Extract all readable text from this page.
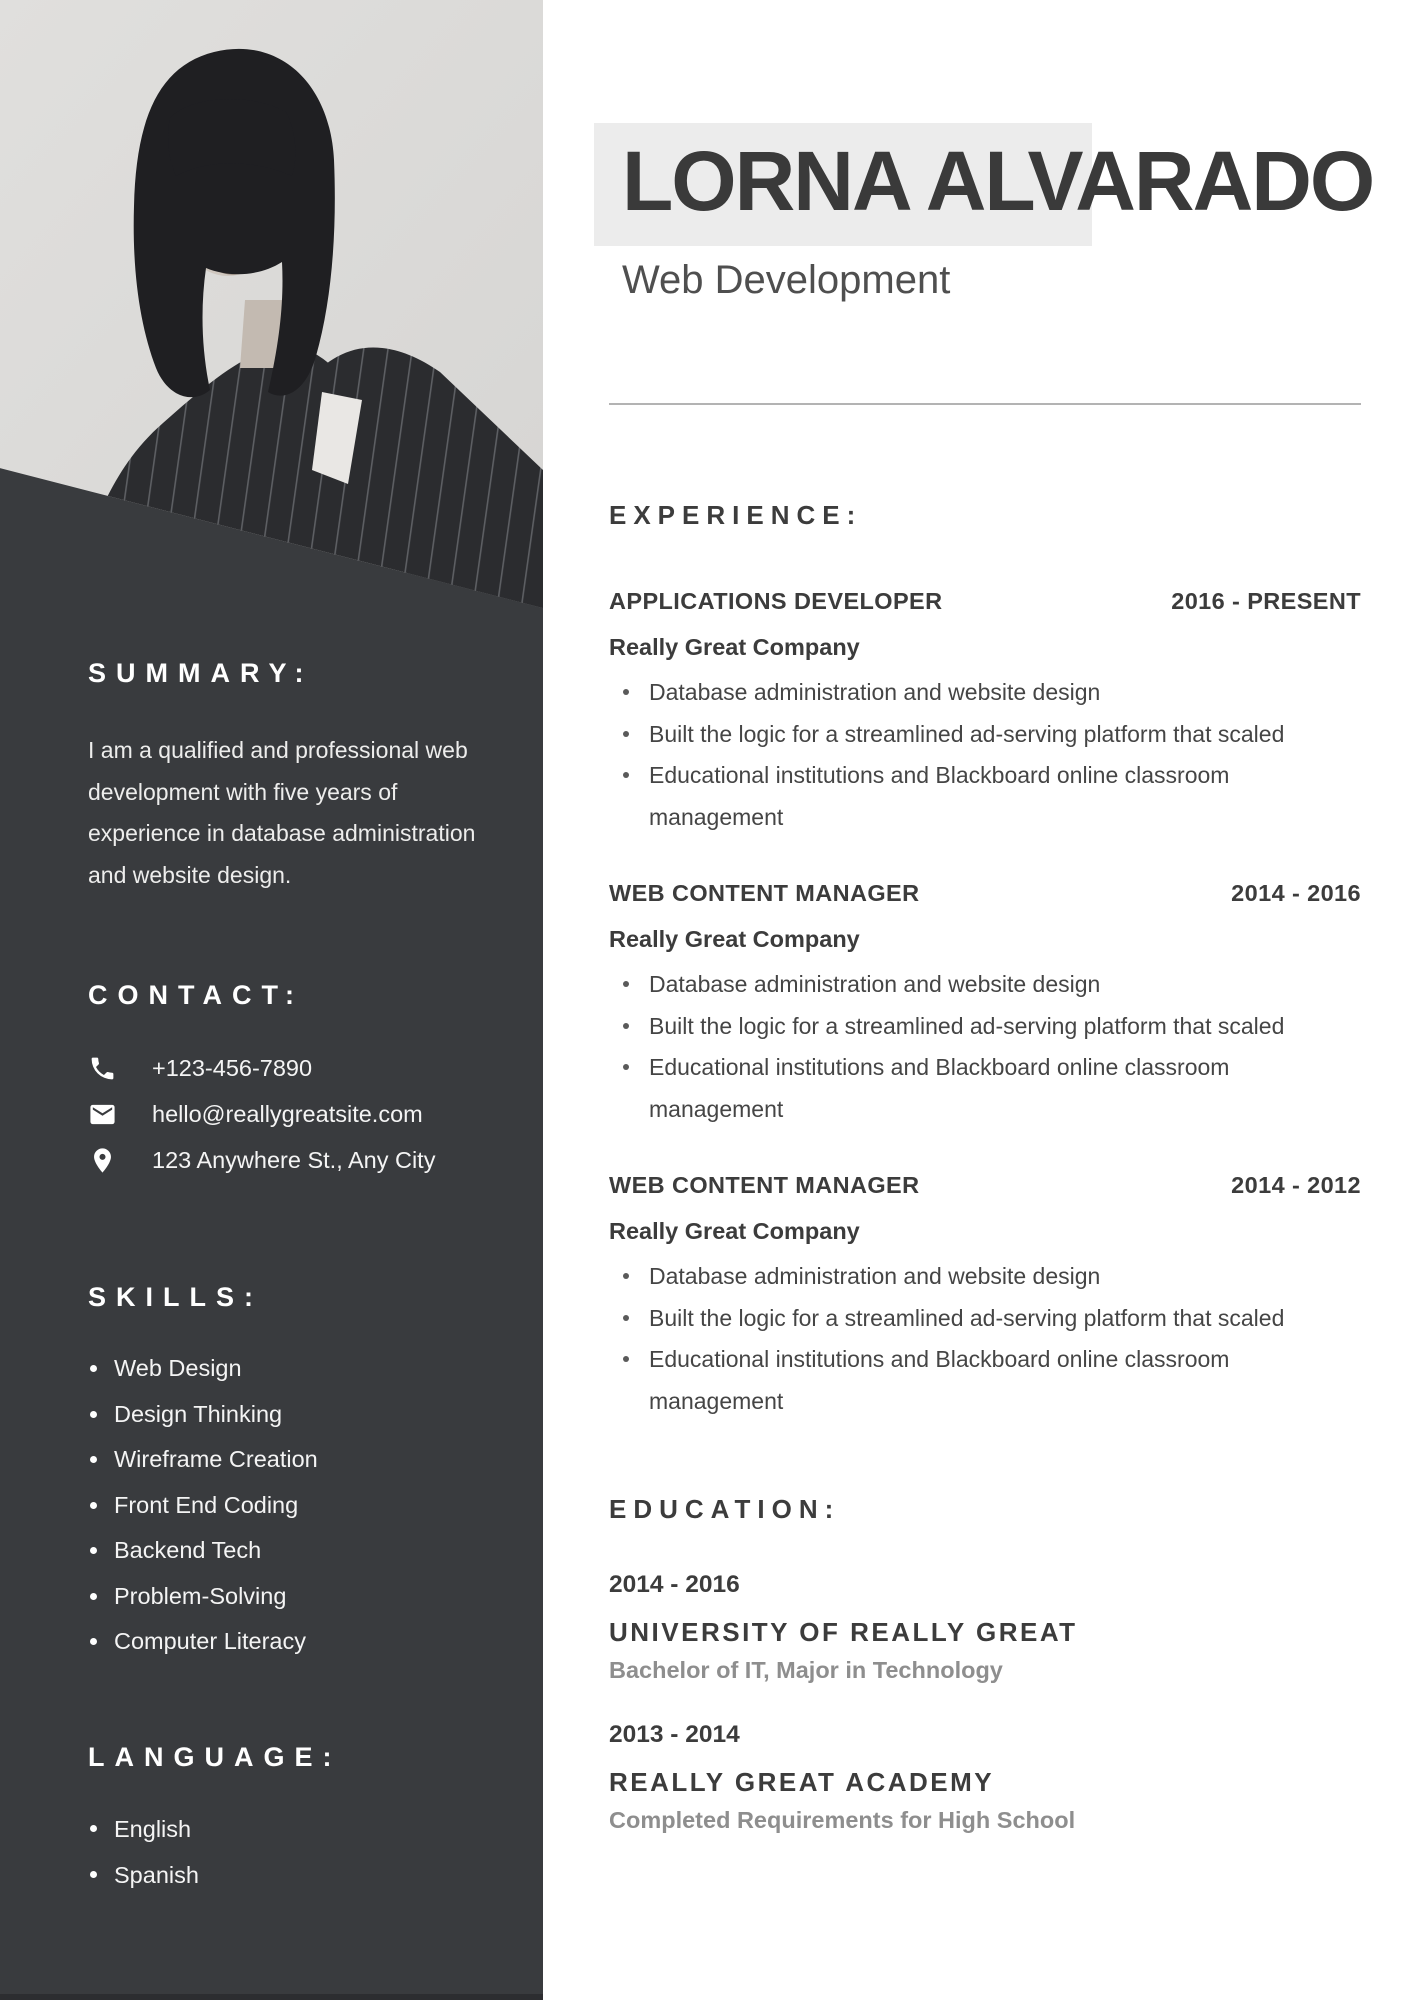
SUMMARY:

I am a qualified and professional web development with five years of experience in database administration and website design.

CONTACT:
+123-456-7890
hello@reallygreatsite.com
123 Anywhere St., Any City
SKILLS:
Web Design
Design Thinking
Wireframe Creation
Front End Coding
Backend Tech
Problem-Solving
Computer Literacy
LANGUAGE:
English
Spanish
LORNA ALVARADO

Web Development

EXPERIENCE:
APPLICATIONS DEVELOPER	2016 - PRESENT

Really Great Company

Database administration and website design
Built the logic for a streamlined ad-serving platform that scaled
Educational institutions and Blackboard online classroom management
WEB CONTENT MANAGER	2014 - 2016

Really Great Company

Database administration and website design
Built the logic for a streamlined ad-serving platform that scaled
Educational institutions and Blackboard online classroom management
WEB CONTENT MANAGER	2014 - 2012

Really Great Company

Database administration and website design
Built the logic for a streamlined ad-serving platform that scaled
Educational institutions and Blackboard online classroom management
EDUCATION:

2014 - 2016

UNIVERSITY OF REALLY GREAT

Bachelor of IT, Major in Technology

2013 - 2014

REALLY GREAT ACADEMY

Completed Requirements for High School
